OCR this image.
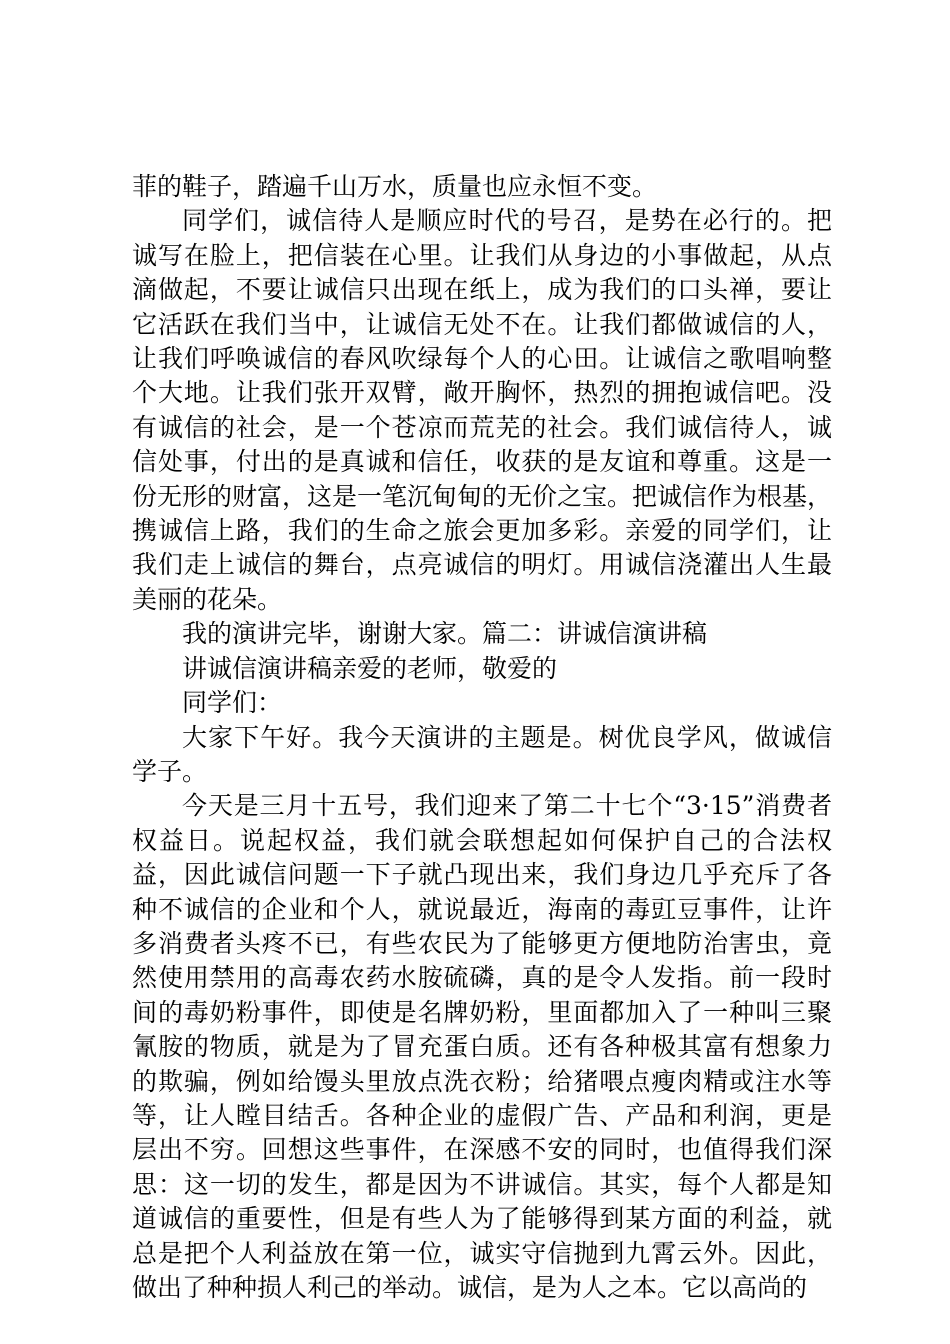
菲的鞋子，踏遍千山万水，质量也应永恒不变。

同学们，诚信待人是顺应时代的号召，是势在必行的。把诚写在脸上，把信装在心里。让我们从身边的小事做起，从点滴做起，不要让诚信只出现在纸上，成为我们的口头禅，要让它活跃在我们当中，让诚信无处不在。让我们都做诚信的人，让我们呼唤诚信的春风吹绿每个人的心田。让诚信之歌唱响整个大地。让我们张开双臂，敞开胸怀，热烈的拥抱诚信吧。没有诚信的社会，是一个苍凉而荒芜的社会。我们诚信待人，诚信处事，付出的是真诚和信任，收获的是友谊和尊重。这是一份无形的财富，这是一笔沉甸甸的无价之宝。把诚信作为根基，携诚信上路，我们的生命之旅会更加多彩。亲爱的同学们，让我们走上诚信的舞台，点亮诚信的明灯。用诚信浇灌出人生最美丽的花朵。

我的演讲完毕，谢谢大家。篇二：讲诚信演讲稿

讲诚信演讲稿亲爱的老师，敬爱的

同学们：

大家下午好。我今天演讲的主题是。树优良学风，做诚信学子。

今天是三月十五号，我们迎来了第二十七个“3·15”消费者权益日。说起权益，我们就会联想起如何保护自己的合法权益，因此诚信问题一下子就凸现出来，我们身边几乎充斥了各种不诚信的企业和个人，就说最近，海南的毒豇豆事件，让许多消费者头疼不已，有些农民为了能够更方便地防治害虫，竟然使用禁用的高毒农药水胺硫磷，真的是令人发指。前一段时间的毒奶粉事件，即使是名牌奶粉，里面都加入了一种叫三聚氰胺的物质，就是为了冒充蛋白质。还有各种极其富有想象力的欺骗，例如给馒头里放点洗衣粉；给猪喂点瘦肉精或注水等等，让人瞠目结舌。各种企业的虚假广告、产品和利润，更是层出不穷。回想这些事件，在深感不安的同时，也值得我们深思：这一切的发生，都是因为不讲诚信。其实，每个人都是知道诚信的重要性，但是有些人为了能够得到某方面的利益，就总是把个人利益放在第一位，诚实守信抛到九霄云外。因此，做出了种种损人利己的举动。诚信，是为人之本。它以高尚的
